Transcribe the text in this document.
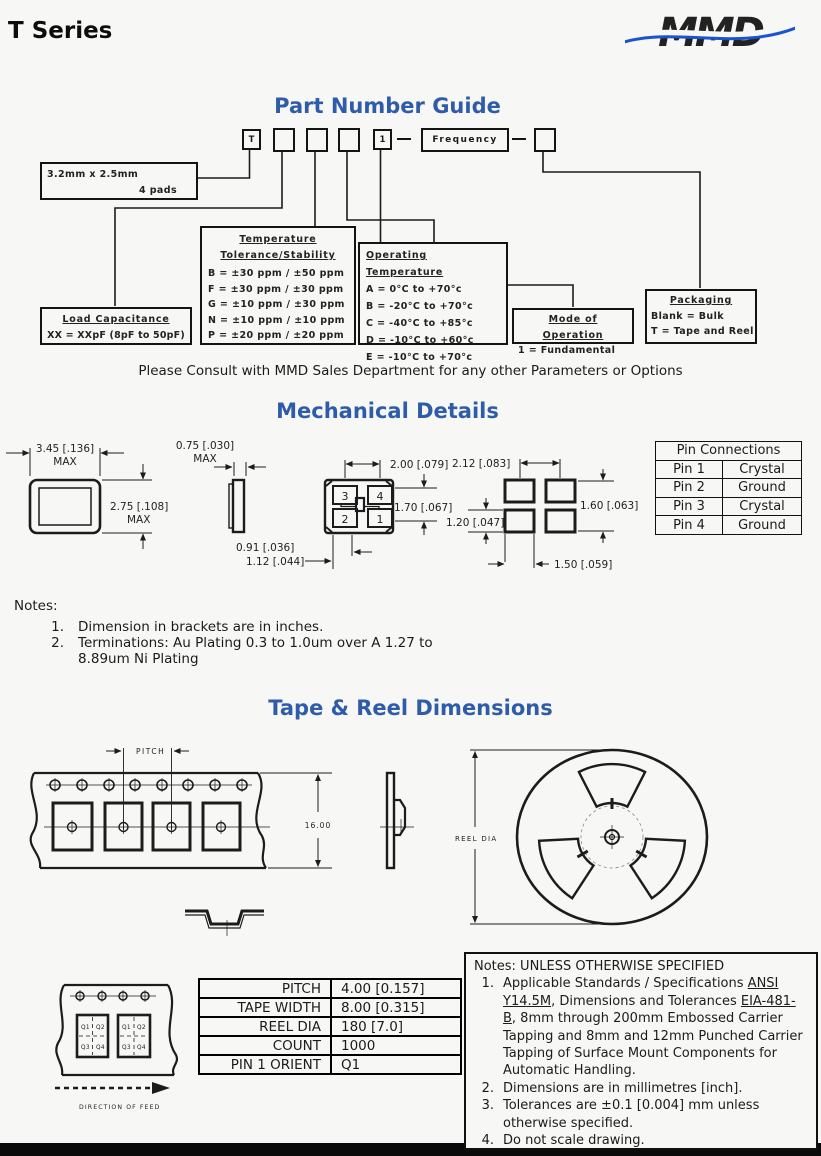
T Series	MMD
Part Number Guide
T	1	Frequency
3.2mm x 2.5mm
4 pads
Load Capacitance
XX = XXpF (8pF to 50pF)
Temperature
Tolerance/Stability
B = ±30 ppm / ±50 ppm
F = ±30 ppm / ±30 ppm
G = ±10 ppm / ±30 ppm
N = ±10 ppm / ±10 ppm
P = ±20 ppm / ±20 ppm
Operating Temperature
A = 0°C to +70°c
B = -20°C to +70°c
C = -40°C to +85°c
D = -10°C to +60°c
E = -10°C to +70°c
Mode of Operation
1 = Fundamental
Packaging
Blank = Bulk
T = Tape and Reel
Please Consult with MMD Sales Department for any other Parameters or Options
Mechanical Details
3.45 [.136]
MAX
2.75 [.108]
MAX
0.75 [.030]
MAX
0.91 [.036]
1.12 [.044]
3	4
2	1
2.00 [.079]
1.70 [.067]
2.12 [.083]
1.60 [.063]
1.20 [.047]
1.50 [.059]
Pin Connections	
Pin 1	Crystal
Pin 2	Ground
Pin 3	Crystal
Pin 4	Ground
Notes:
1. Dimension in brackets are in inches.
2. Terminations: Au Plating 0.3 to 1.0um over A 1.27 to 8.89um Ni Plating
Tape & Reel Dimensions
PITCH
16.00
REEL DIA
Q1 Q2
Q3 Q4
Q1 Q2
Q3 Q4
DIRECTION OF FEED
PITCH	4.00 [0.157]
TAPE WIDTH	8.00 [0.315]
REEL DIA	180 [7.0]
COUNT	1000
PIN 1 ORIENT	Q1
Notes: UNLESS OTHERWISE SPECIFIED
1. Applicable Standards / Specifications ANSI Y14.5M, Dimensions and Tolerances EIA-481-B, 8mm through 200mm Embossed Carrier Tapping and 8mm and 12mm Punched Carrier Tapping of Surface Mount Components for Automatic Handling.
2. Dimensions are in millimetres [inch].
3. Tolerances are ±0.1 [0.004] mm unless otherwise specified.
4. Do not scale drawing.
